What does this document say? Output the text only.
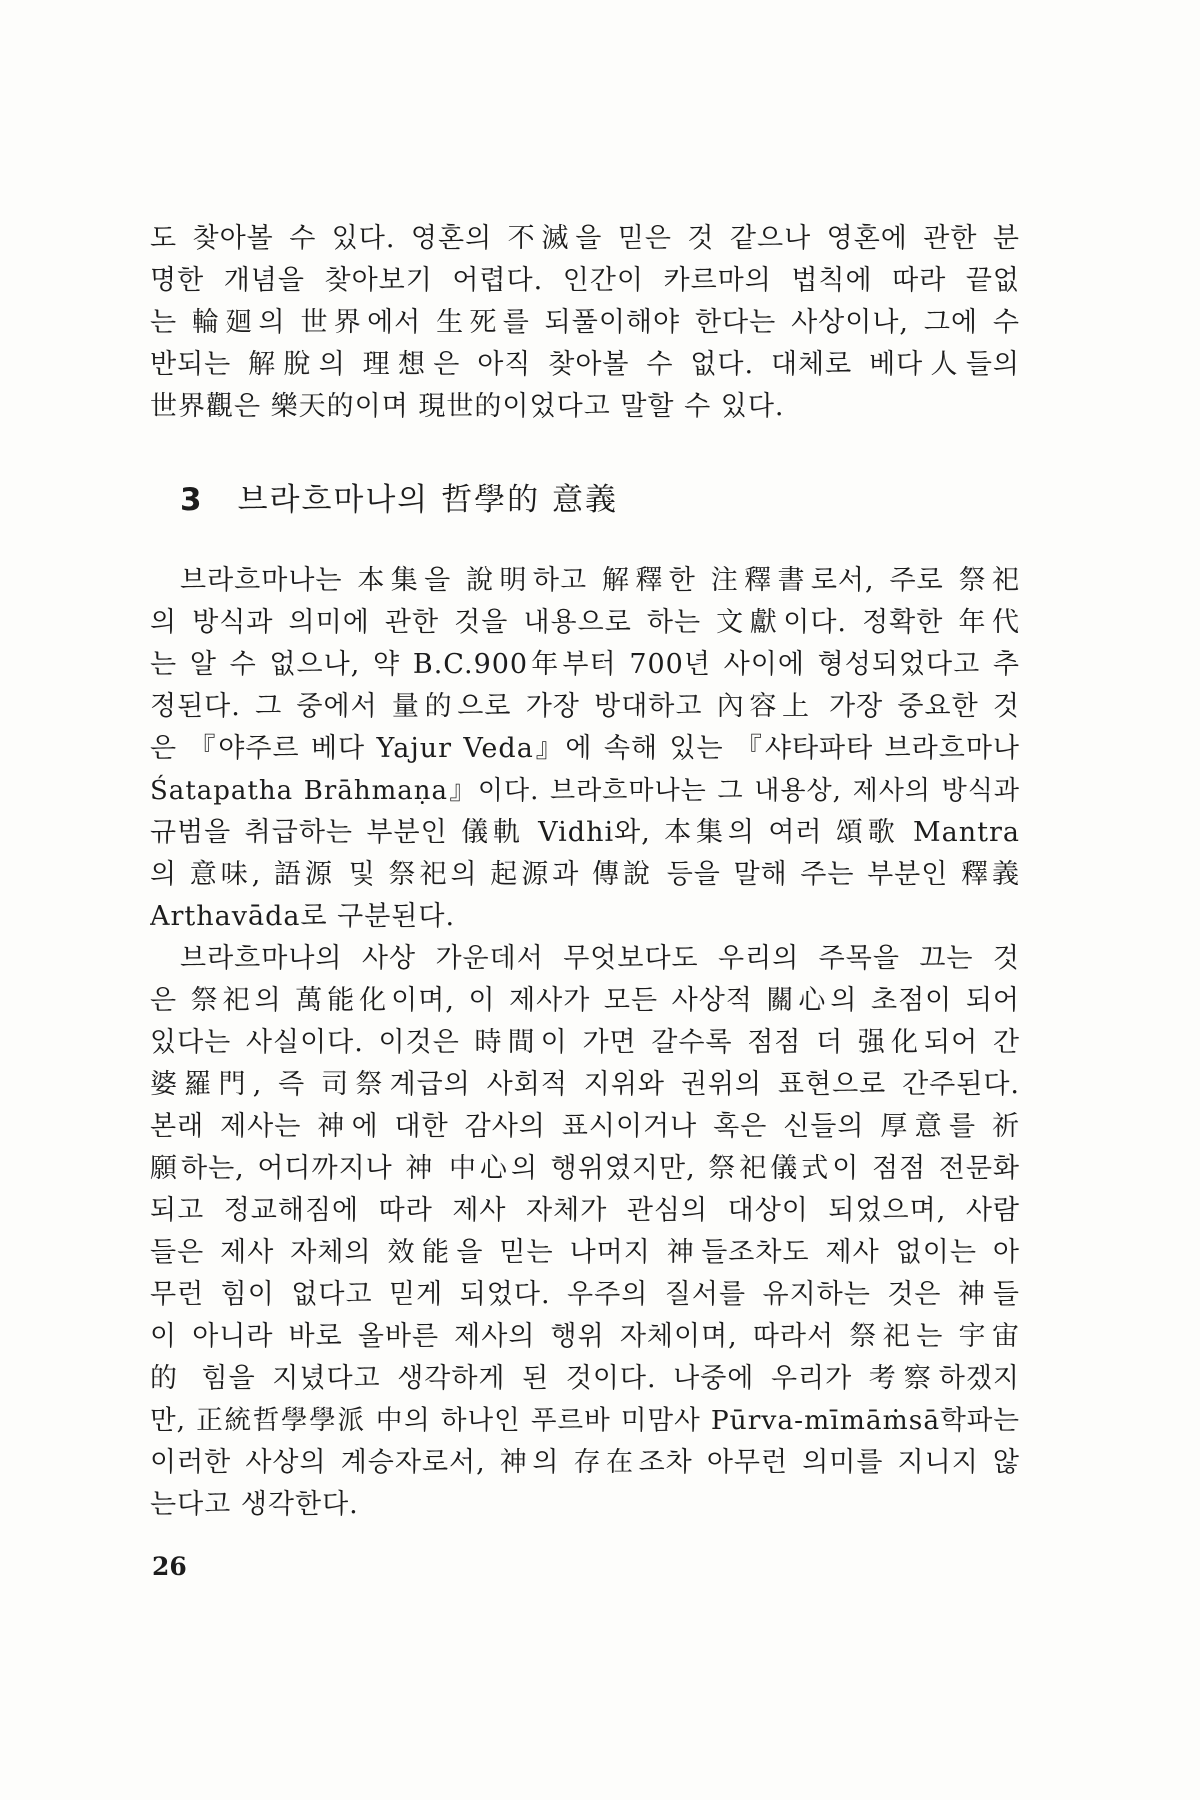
도 찾아볼 수 있다. 영혼의 不滅을 믿은 것 같으나 영혼에 관한 분
명한 개념을 찾아보기 어렵다. 인간이 카르마의 법칙에 따라 끝없
는 輪廻의 世界에서 生死를 되풀이해야 한다는 사상이나, 그에 수
반되는 解脫의 理想은 아직 찾아볼 수 없다. 대체로 베다人들의
世界觀은 樂天的이며 現世的이었다고 말할 수 있다.
3 브라흐마나의 哲學的 意義
브라흐마나는 本集을 說明하고 解釋한 注釋書로서, 주로 祭祀
의 방식과 의미에 관한 것을 내용으로 하는 文獻이다. 정확한 年代
는 알 수 없으나, 약 B.C.900年부터 700년 사이에 형성되었다고 추
정된다. 그 중에서 量的으로 가장 방대하고 內容上 가장 중요한 것
은 『야주르 베다 Yajur Veda』에 속해 있는 『샤타파타 브라흐마나
Śatapatha Brāhmaṇa』이다. 브라흐마나는 그 내용상, 제사의 방식과
규범을 취급하는 부분인 儀軌 Vidhi와, 本集의 여러 頌歌 Mantra
의 意味, 語源 및 祭祀의 起源과 傳說 등을 말해 주는 부분인 釋義
Arthavāda로 구분된다.
브라흐마나의 사상 가운데서 무엇보다도 우리의 주목을 끄는 것
은 祭祀의 萬能化이며, 이 제사가 모든 사상적 關心의 초점이 되어
있다는 사실이다. 이것은 時間이 가면 갈수록 점점 더 强化되어 간
婆羅門, 즉 司祭계급의 사회적 지위와 권위의 표현으로 간주된다.
본래 제사는 神에 대한 감사의 표시이거나 혹은 신들의 厚意를 祈
願하는, 어디까지나 神 中心의 행위였지만, 祭祀儀式이 점점 전문화
되고 정교해짐에 따라 제사 자체가 관심의 대상이 되었으며, 사람
들은 제사 자체의 效能을 믿는 나머지 神들조차도 제사 없이는 아
무런 힘이 없다고 믿게 되었다. 우주의 질서를 유지하는 것은 神들
이 아니라 바로 올바른 제사의 행위 자체이며, 따라서 祭祀는 宇宙
的 힘을 지녔다고 생각하게 된 것이다. 나중에 우리가 考察하겠지
만, 正統哲學學派 中의 하나인 푸르바 미맘사 Pūrva-mīmāṁsā학파는
이러한 사상의 계승자로서, 神의 存在조차 아무런 의미를 지니지 않
는다고 생각한다.
26
